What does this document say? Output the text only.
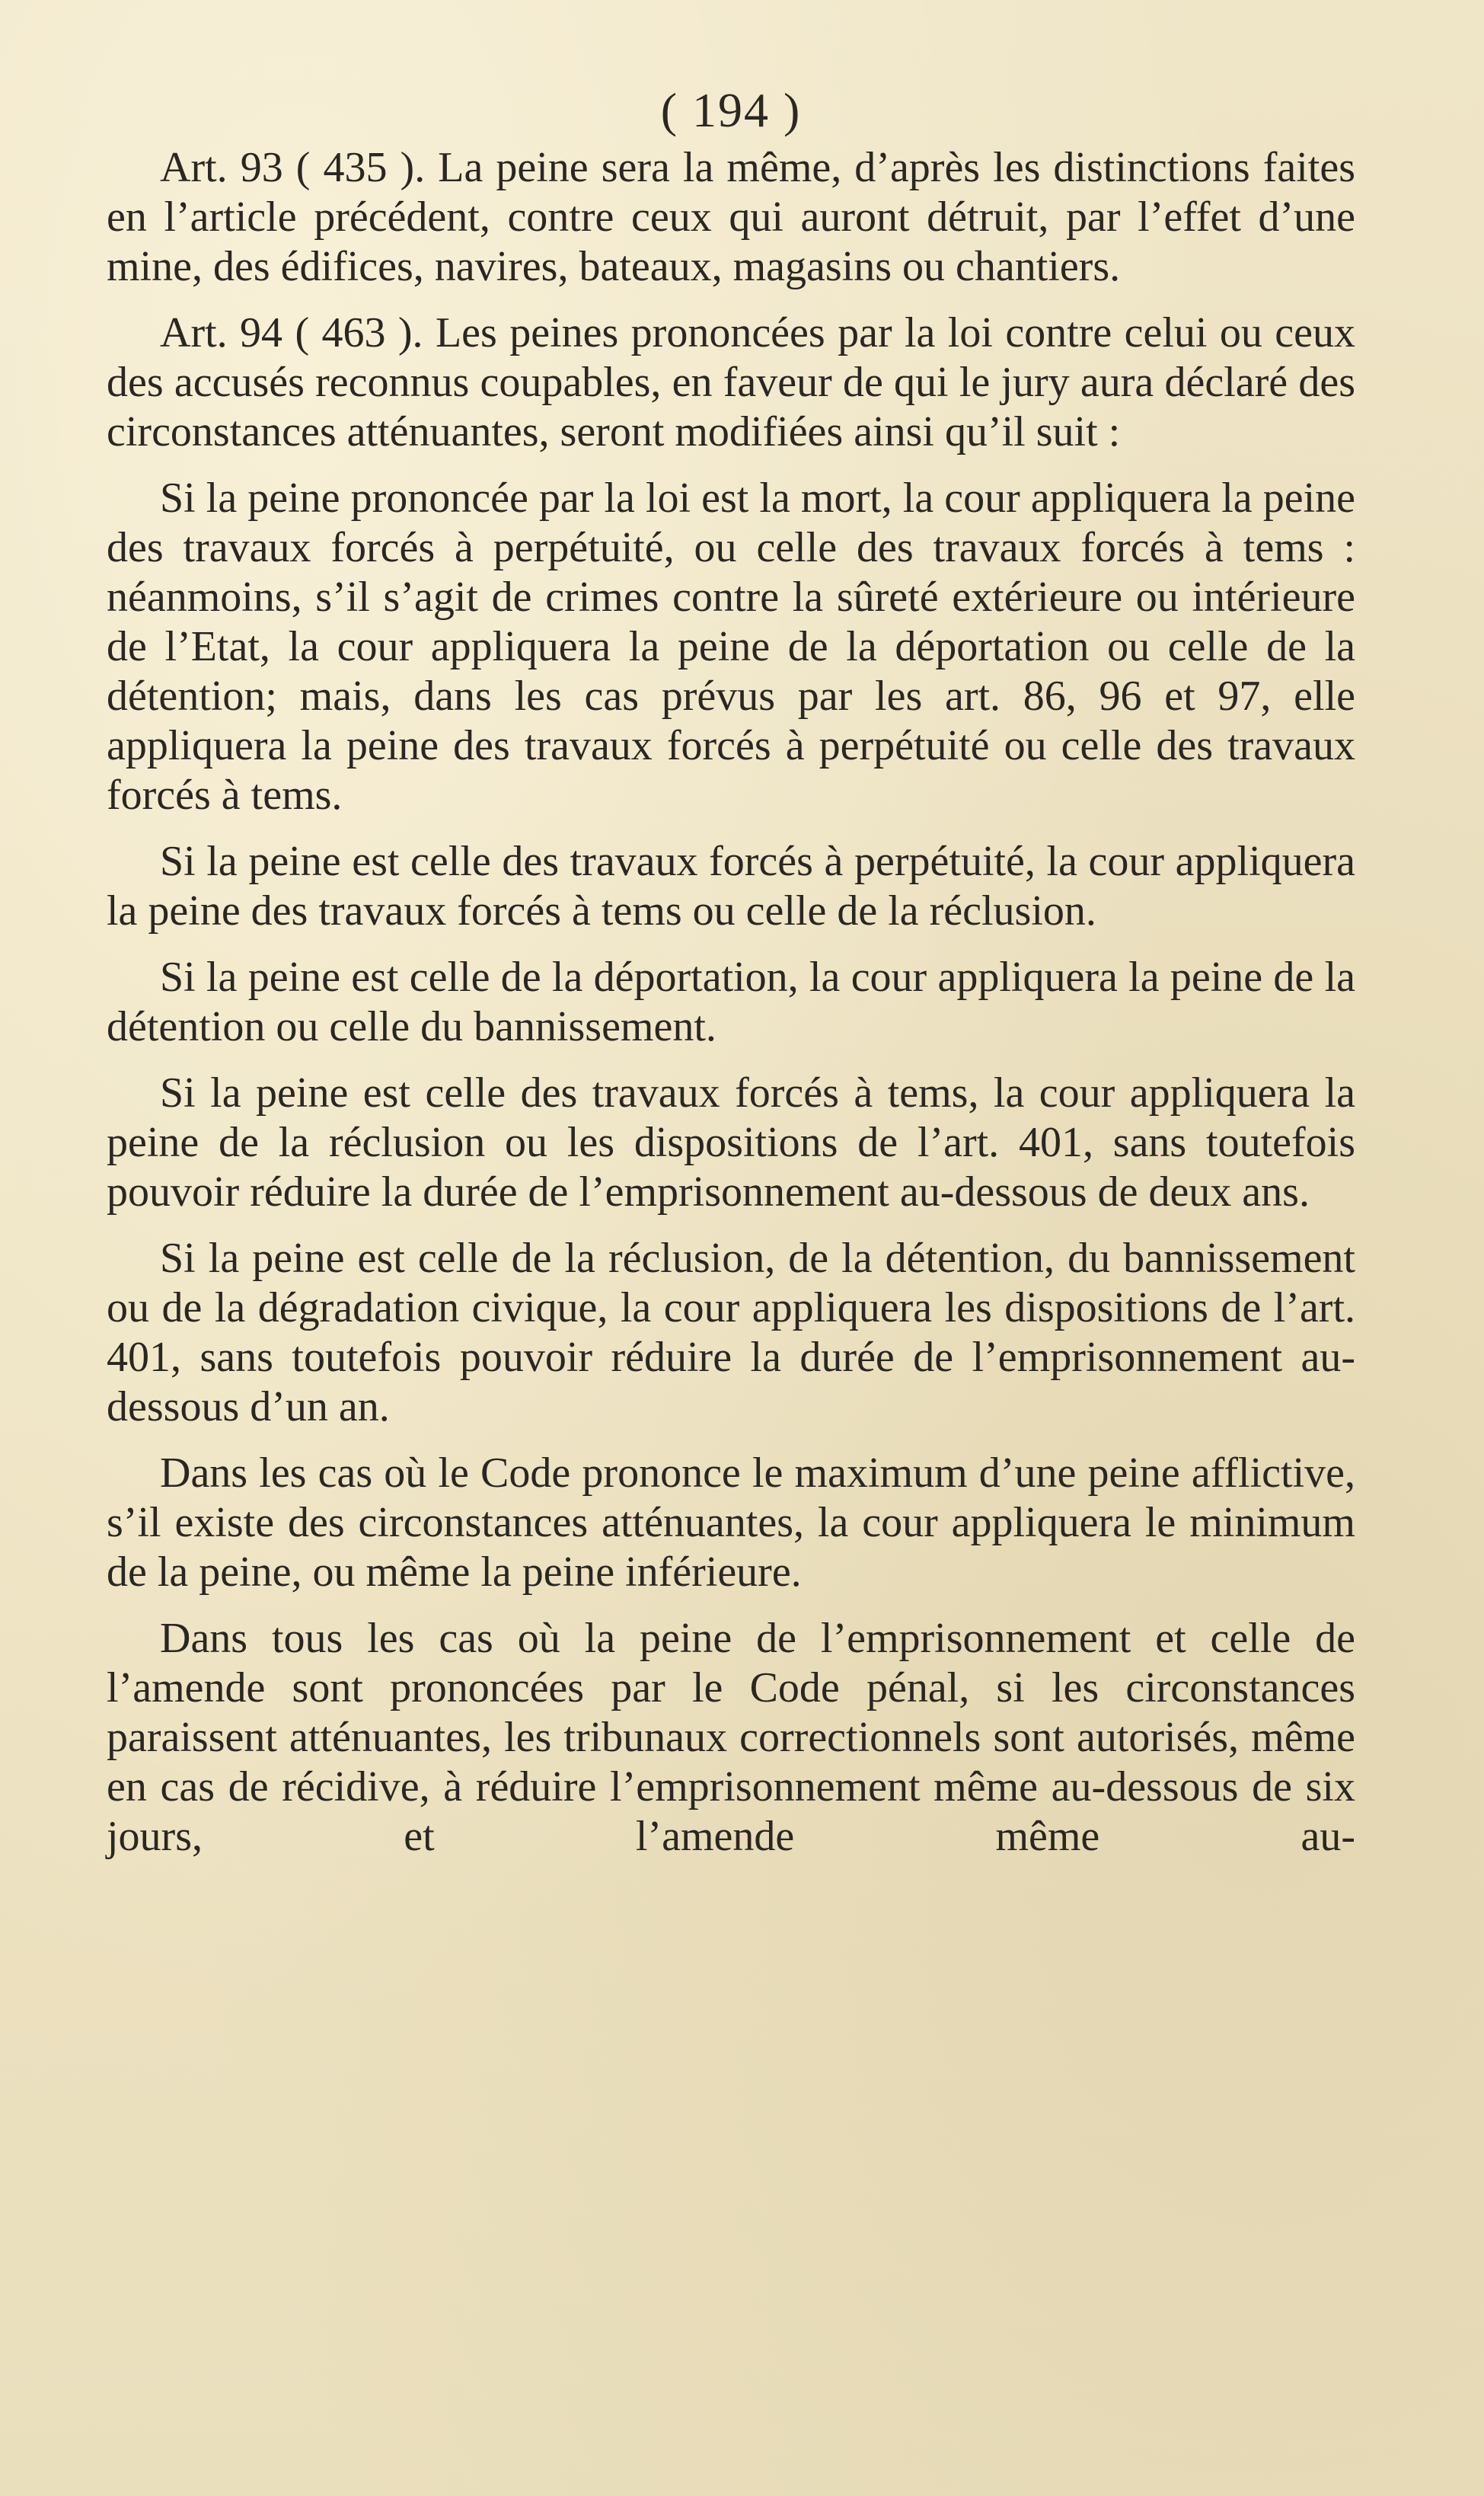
( 194 )

Art. 93 ( 435 ). La peine sera la même, d’après les distinctions faites en l’article précédent, contre ceux qui auront détruit, par l’effet d’une mine, des édifices, navires, bateaux, magasins ou chantiers.

Art. 94 ( 463 ). Les peines prononcées par la loi contre celui ou ceux des accusés reconnus coupables, en faveur de qui le jury aura déclaré des circonstances atténuantes, seront modifiées ainsi qu’il suit :

Si la peine prononcée par la loi est la mort, la cour appliquera la peine des travaux forcés à perpétuité, ou celle des travaux forcés à tems : néanmoins, s’il s’agit de crimes contre la sûreté extérieure ou intérieure de l’Etat, la cour appliquera la peine de la déportation ou celle de la détention; mais, dans les cas prévus par les art. 86, 96 et 97, elle appliquera la peine des travaux forcés à perpétuité ou celle des travaux forcés à tems.

Si la peine est celle des travaux forcés à perpétuité, la cour appliquera la peine des travaux forcés à tems ou celle de la réclusion.

Si la peine est celle de la déportation, la cour appliquera la peine de la détention ou celle du bannissement.

Si la peine est celle des travaux forcés à tems, la cour appliquera la peine de la réclusion ou les dispositions de l’art. 401, sans toutefois pouvoir réduire la durée de l’emprisonnement au-dessous de deux ans.

Si la peine est celle de la réclusion, de la détention, du bannissement ou de la dégradation civique, la cour appliquera les dispositions de l’art. 401, sans toutefois pouvoir réduire la durée de l’emprisonnement au-dessous d’un an.

Dans les cas où le Code prononce le maximum d’une peine afflictive, s’il existe des circonstances atténuantes, la cour appliquera le minimum de la peine, ou même la peine inférieure.

Dans tous les cas où la peine de l’emprisonnement et celle de l’amende sont prononcées par le Code pénal, si les circonstances paraissent atténuantes, les tribunaux correctionnels sont autorisés, même en cas de récidive, à réduire l’emprisonnement même au-dessous de six jours, et l’amende même au-
